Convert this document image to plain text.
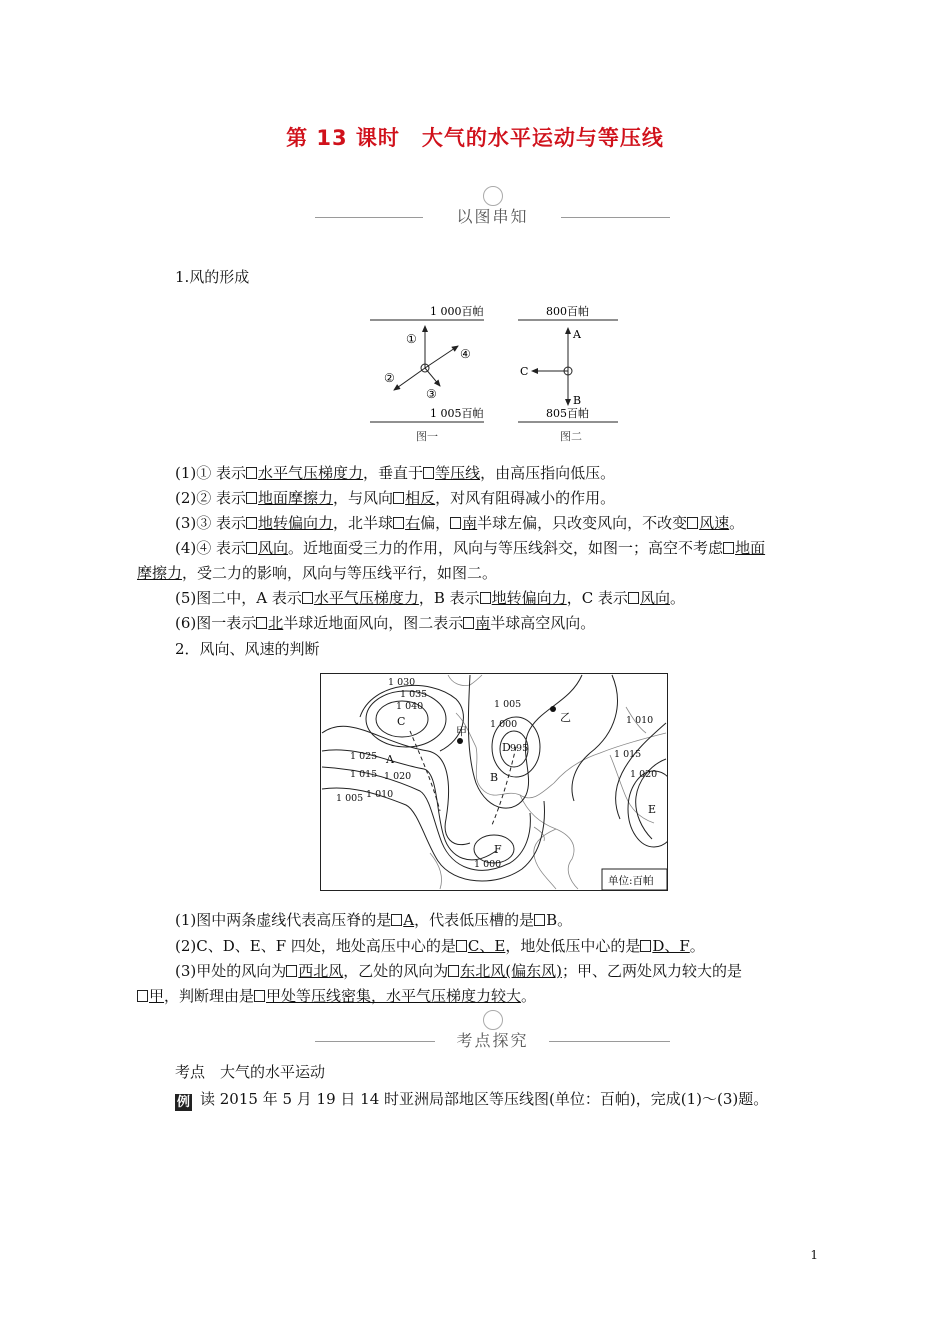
第 13 课时　大气的水平运动与等压线
以图串知
1.风的形成
1 000百帕
1 005百帕
①
②
③
④
图一
800百帕
805百帕
A
B
C
图二
(1)① 表示 水平气压梯度力，垂直于 等压线，由高压指向低压。
(2)② 表示 地面摩擦力，与风向 相反，对风有阻碍减小的作用。
(3)③ 表示 地转偏向力，北半球 右偏， 南半球左偏，只改变风向，不改变 风速。
(4)④ 表示 风向。近地面受三力的作用，风向与等压线斜交，如图一；高空不考虑 地面
摩擦力，受二力的影响，风向与等压线平行，如图二。
(5)图二中，A 表示 水平气压梯度力，B 表示 地转偏向力，C 表示 风向。
(6)图一表示 北半球近地面风向，图二表示 南半球高空风向。
2．风向、风速的判断
1 030
1 035
1 040
1 025
1 020
1 015
1 010
1 005
1 005
1 000
995
1 010
1 015
1 020
1 000
C
D
E
F
甲
乙
A
B
单位:百帕
(1)图中两条虚线代表高压脊的是 A，代表低压槽的是 B。
(2)C、D、E、F 四处，地处高压中心的是 C、E，地处低压中心的是 D、F。
(3)甲处的风向为 西北风，乙处的风向为 东北风(偏东风)；甲、乙两处风力较大的是
甲，判断理由是 甲处等压线密集，水平气压梯度力较大。
考点探究
考点　大气的水平运动
例 读 2015 年 5 月 19 日 14 时亚洲局部地区等压线图(单位：百帕)，完成(1)～(3)题。
1
